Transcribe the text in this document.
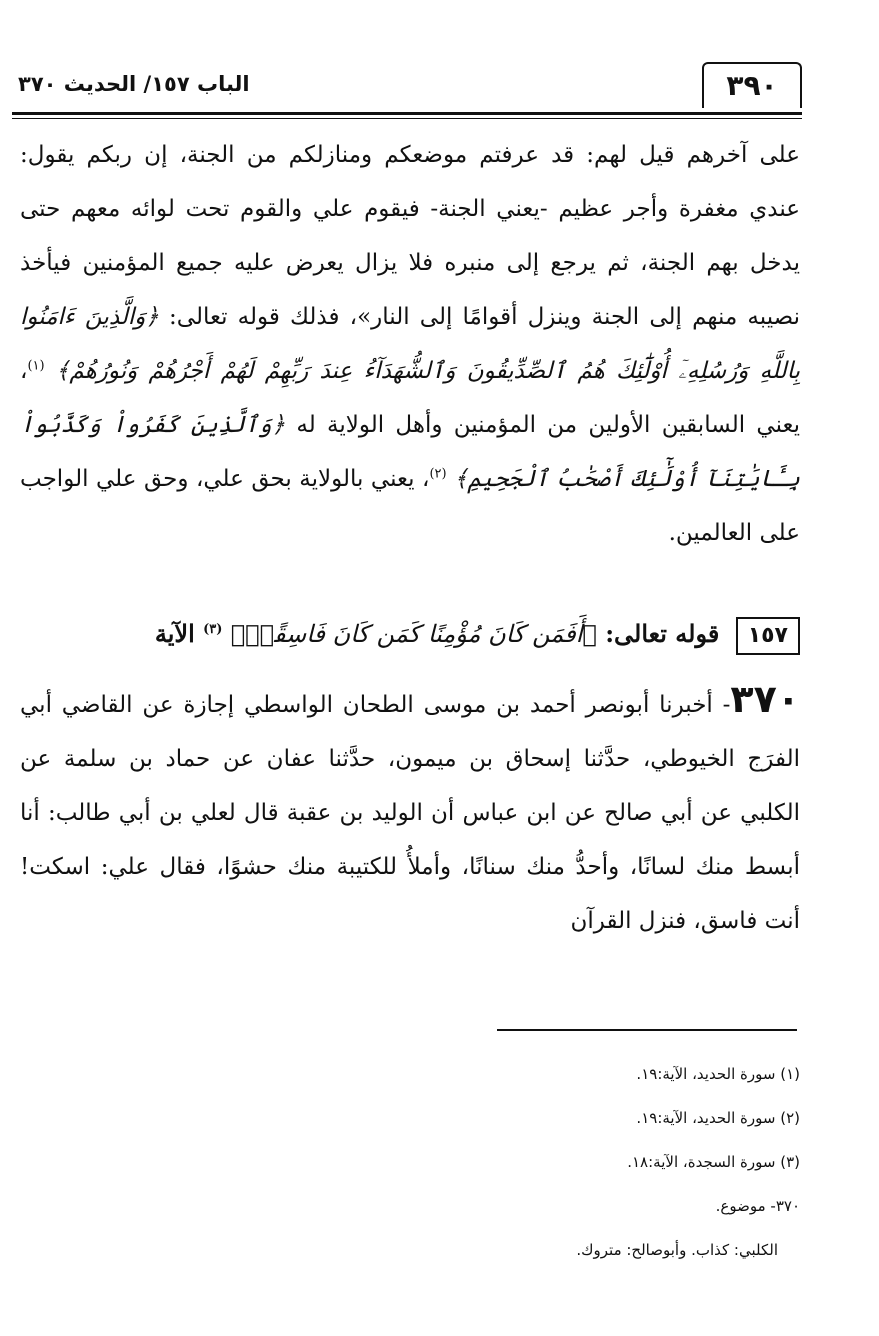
٣٩٠
الباب ١٥٧/ الحديث ٣٧٠

على آخرهم قيل لهم: قد عرفتم موضعكم ومنازلكم من الجنة، إن ربكم يقول: عندي مغفرة وأجر عظيم -يعني الجنة- فيقوم علي والقوم تحت لوائه معهم حتى يدخل بهم الجنة، ثم يرجع إلى منبره فلا يزال يعرض عليه جميع المؤمنين فيأخذ نصيبه منهم إلى الجنة وينزل أقوامًا إلى النار»، فذلك قوله تعالى: ﴿وَالَّذِينَ ءَامَنُوا بِاللَّهِ وَرُسُلِهِۦٓ أُوْلَٰٓئِكَ هُمُ ٱلصِّدِّيقُونَ وَٱلشُّهَدَآءُ عِندَ رَبِّهِمْ لَهُمْ أَجْرُهُمْ وَنُورُهُمْ﴾ $^{(١)}$، يعني السابقين الأولين من المؤمنين وأهل الولاية له ﴿وَٱلَّذِينَ كَفَرُواْ وَكَذَّبُواْ بِـَٔايَٰتِنَآ أُوْلَٰٓئِكَ أَصْحَٰبُ ٱلْجَحِيمِ﴾ $^{(٢)}$، يعني بالولاية بحق علي، وحق علي الواجب على العالمين.

١٥٧ قوله تعالى: ﴿أَفَمَن كَانَ مُؤْمِنًا كَمَن كَانَ فَاسِقًاۚ﴾ $^{(٣)}$ الآية
٣٧٠- أخبرنا أبونصر أحمد بن موسى الطحان الواسطي إجازة عن القاضي أبي الفرَج الخيوطي، حدَّثنا إسحاق بن ميمون، حدَّثنا عفان عن حماد بن سلمة عن الكلبي عن أبي صالح عن ابن عباس أن الوليد بن عقبة قال لعلي بن أبي طالب: أنا أبسط منك لسانًا، وأحدُّ منك سنانًا، وأملأُ للكتيبة منك حشوًا، فقال علي: اسكت! أنت فاسق، فنزل القرآن

(١) سورة الحديد، الآية:١٩.

(٢) سورة الحديد، الآية:١٩.

(٣) سورة السجدة، الآية:١٨.

٣٧٠- موضوع.

الكلبي: كذاب. وأبوصالح: متروك.
